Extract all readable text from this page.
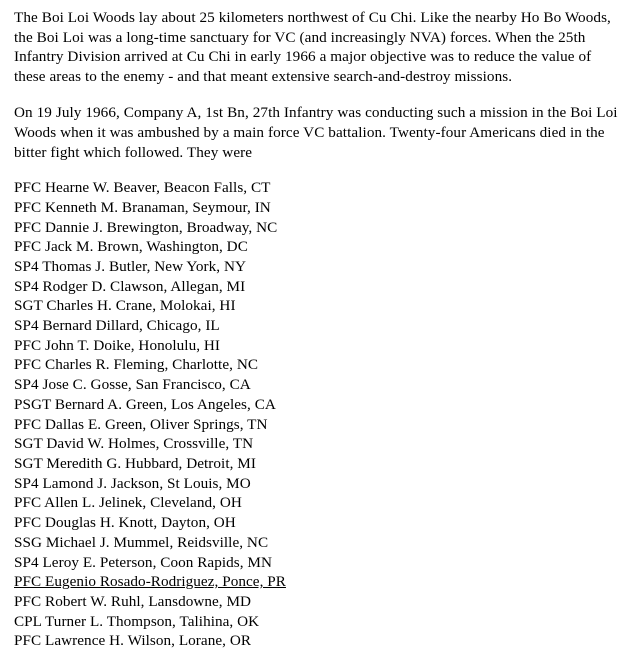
The Boi Loi Woods lay about 25 kilometers northwest of Cu Chi. Like the nearby Ho Bo Woods, the Boi Loi was a long-time sanctuary for VC (and increasingly NVA) forces. When the 25th Infantry Division arrived at Cu Chi in early 1966 a major objective was to reduce the value of these areas to the enemy - and that meant extensive search-and-destroy missions.

On 19 July 1966, Company A, 1st Bn, 27th Infantry was conducting such a mission in the Boi Loi Woods when it was ambushed by a main force VC battalion. Twenty-four Americans died in the bitter fight which followed. They were

PFC Hearne W. Beaver, Beacon Falls, CT
PFC Kenneth M. Branaman, Seymour, IN
PFC Dannie J. Brewington, Broadway, NC
PFC Jack M. Brown, Washington, DC
SP4 Thomas J. Butler, New York, NY
SP4 Rodger D. Clawson, Allegan, MI
SGT Charles H. Crane, Molokai, HI
SP4 Bernard Dillard, Chicago, IL
PFC John T. Doike, Honolulu, HI
PFC Charles R. Fleming, Charlotte, NC
SP4 Jose C. Gosse, San Francisco, CA
PSGT Bernard A. Green, Los Angeles, CA
PFC Dallas E. Green, Oliver Springs, TN
SGT David W. Holmes, Crossville, TN
SGT Meredith G. Hubbard, Detroit, MI
SP4 Lamond J. Jackson, St Louis, MO
PFC Allen L. Jelinek, Cleveland, OH
PFC Douglas H. Knott, Dayton, OH
SSG Michael J. Mummel, Reidsville, NC
SP4 Leroy E. Peterson, Coon Rapids, MN
PFC Eugenio Rosado-Rodriguez, Ponce, PR
PFC Robert W. Ruhl, Lansdowne, MD
CPL Turner L. Thompson, Talihina, OK
PFC Lawrence H. Wilson, Lorane, OR
